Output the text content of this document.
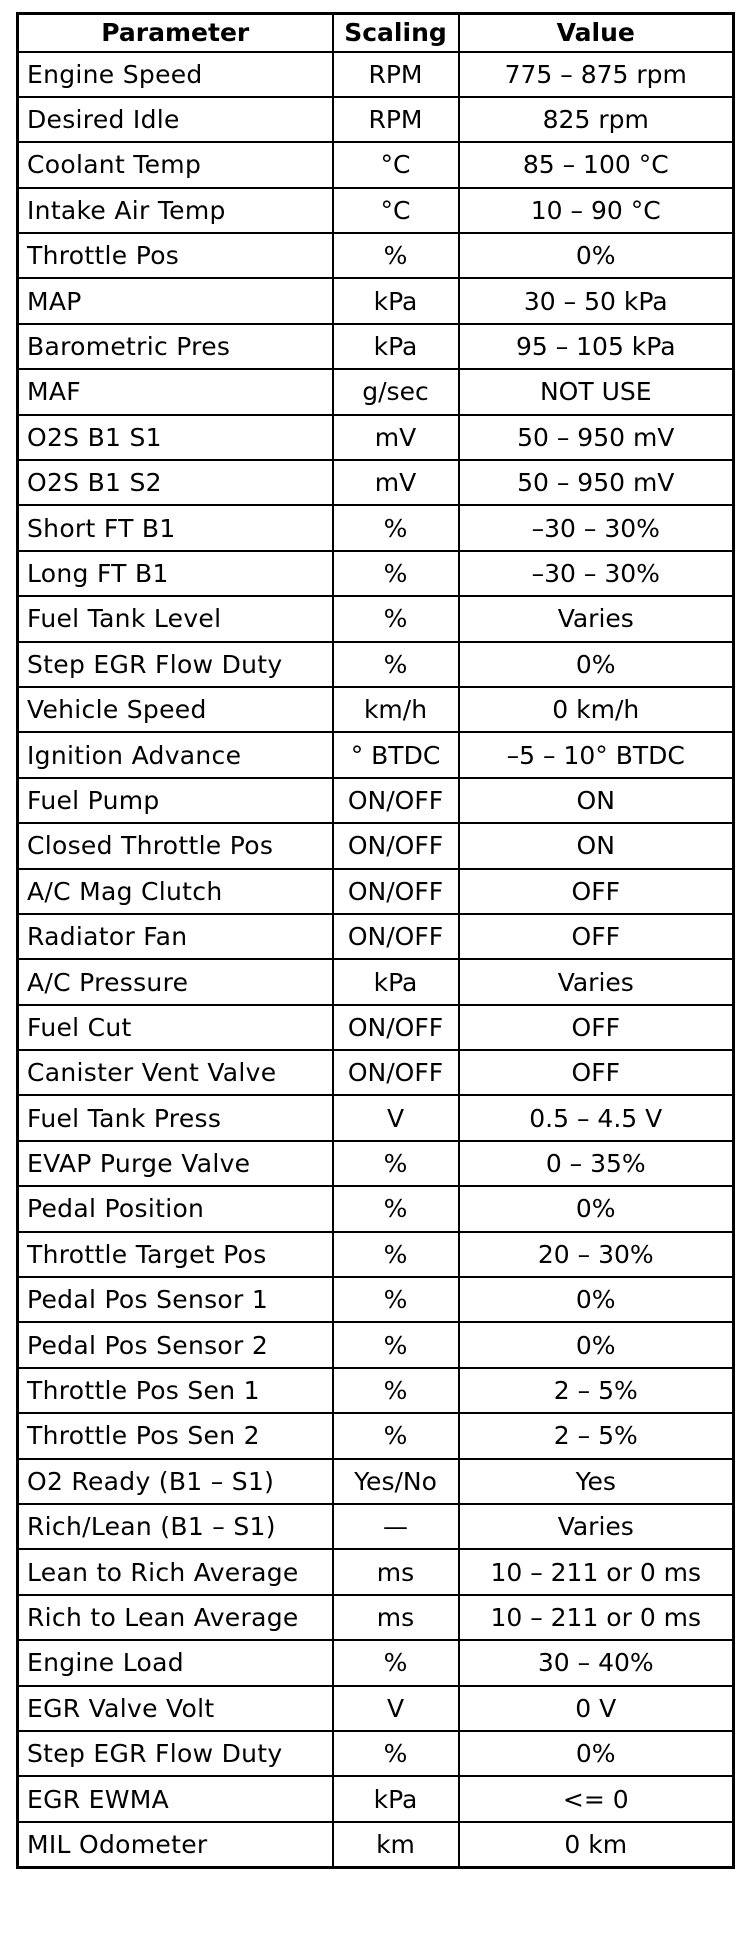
Parameter	Scaling	Value
Engine Speed	RPM	775 – 875 rpm
Desired Idle	RPM	825 rpm
Coolant Temp	°C	85 – 100 °C
Intake Air Temp	°C	10 – 90 °C
Throttle Pos	%	0%
MAP	kPa	30 – 50 kPa
Barometric Pres	kPa	95 – 105 kPa
MAF	g/sec	NOT USE
O2S B1 S1	mV	50 – 950 mV
O2S B1 S2	mV	50 – 950 mV
Short FT B1	%	–30 – 30%
Long FT B1	%	–30 – 30%
Fuel Tank Level	%	Varies
Step EGR Flow Duty	%	0%
Vehicle Speed	km/h	0 km/h
Ignition Advance	° BTDC	–5 – 10° BTDC
Fuel Pump	ON/OFF	ON
Closed Throttle Pos	ON/OFF	ON
A/C Mag Clutch	ON/OFF	OFF
Radiator Fan	ON/OFF	OFF
A/C Pressure	kPa	Varies
Fuel Cut	ON/OFF	OFF
Canister Vent Valve	ON/OFF	OFF
Fuel Tank Press	V	0.5 – 4.5 V
EVAP Purge Valve	%	0 – 35%
Pedal Position	%	0%
Throttle Target Pos	%	20 – 30%
Pedal Pos Sensor 1	%	0%
Pedal Pos Sensor 2	%	0%
Throttle Pos Sen 1	%	2 – 5%
Throttle Pos Sen 2	%	2 – 5%
O2 Ready (B1 – S1)	Yes/No	Yes
Rich/Lean (B1 – S1)	—	Varies
Lean to Rich Average	ms	10 – 211 or 0 ms
Rich to Lean Average	ms	10 – 211 or 0 ms
Engine Load	%	30 – 40%
EGR Valve Volt	V	0 V
Step EGR Flow Duty	%	0%
EGR EWMA	kPa	<= 0
MIL Odometer	km	0 km
